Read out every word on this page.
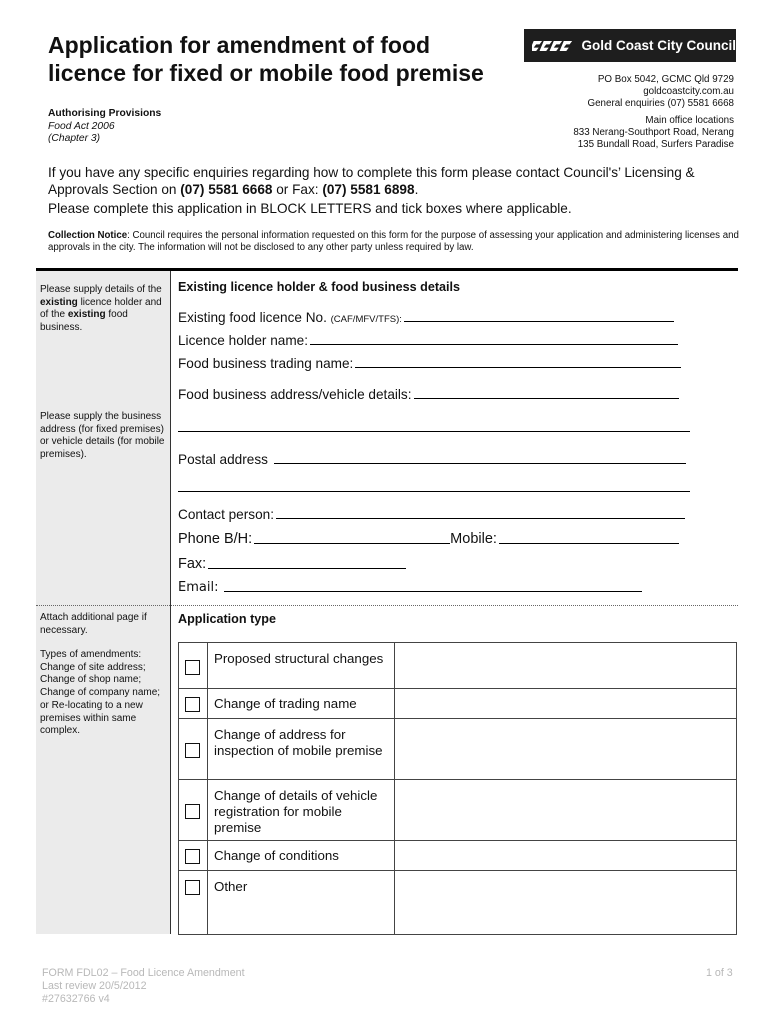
Application for amendment of food
licence for fixed or mobile food premise
Gold Coast City Council
PO Box 5042, GCMC Qld 9729
goldcoastcity.com.au
General enquiries (07) 5581 6668
Main office locations
833 Nerang-Southport Road, Nerang
135 Bundall Road, Surfers Paradise
Authorising Provisions
Food Act 2006
(Chapter 3)
If you have any specific enquiries regarding how to complete this form please contact Council's’ Licensing & Approvals Section on (07) 5581 6668 or Fax: (07) 5581 6898.
Please complete this application in BLOCK LETTERS and tick boxes where applicable.
Collection Notice: Council requires the personal information requested on this form for the purpose of assessing your application and administering licenses and approvals in the city. The information will not be disclosed to any other party unless required by law.
Please supply details of the existing licence holder and of the existing food business.
Please supply the business address (for fixed premises) or vehicle details (for mobile premises).
Attach additional page if necessary.
Types of amendments: Change of site address; Change of shop name; Change of company name; or Re-locating to a new premises within same complex.
Existing licence holder & food business details
Existing food licence No.
(CAF/MFV/TFS):
Licence holder name:
Food business trading name:
Food business address/vehicle details:
Postal address
Contact person:
Phone B/H:	Mobile:
Fax:
Email:
Application type
Proposed structural changes
Change of trading name
Change of address for inspection of mobile premise
Change of details of vehicle registration for mobile premise
Change of conditions
Other
FORM FDL02 – Food Licence Amendment
Last review 20/5/2012
#27632766 v4
1 of 3
